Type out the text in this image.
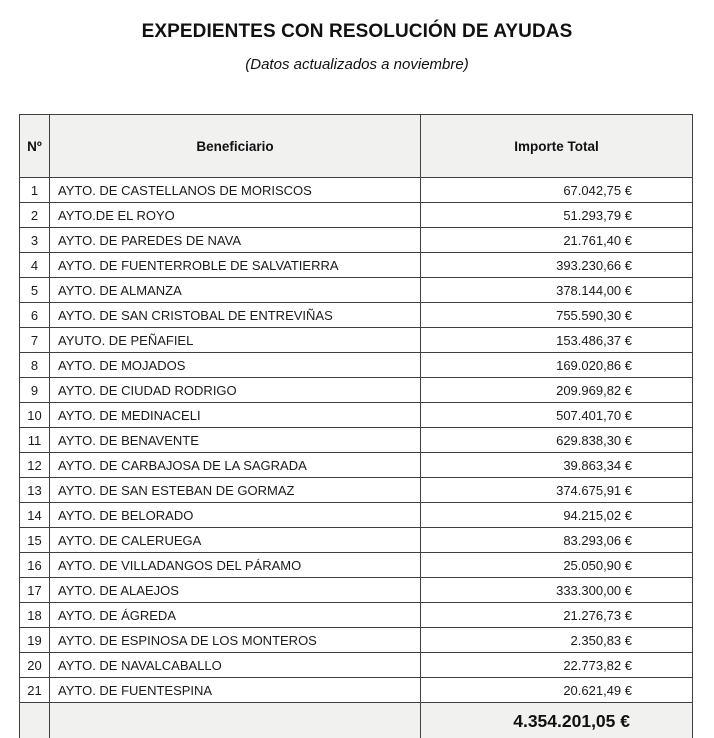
EXPEDIENTES CON RESOLUCIÓN DE AYUDAS
(Datos actualizados a noviembre)
Nº	Beneficiario	Importe Total
1	AYTO. DE CASTELLANOS DE MORISCOS	67.042,75 €
2	AYTO.DE EL ROYO	51.293,79 €
3	AYTO. DE PAREDES DE NAVA	21.761,40 €
4	AYTO. DE FUENTERROBLE DE SALVATIERRA	393.230,66 €
5	AYTO. DE ALMANZA	378.144,00 €
6	AYTO. DE SAN CRISTOBAL DE ENTREVIÑAS	755.590,30 €
7	AYUTO. DE PEÑAFIEL	153.486,37 €
8	AYTO. DE MOJADOS	169.020,86 €
9	AYTO. DE CIUDAD RODRIGO	209.969,82 €
10	AYTO. DE MEDINACELI	507.401,70 €
11	AYTO. DE BENAVENTE	629.838,30 €
12	AYTO. DE CARBAJOSA DE LA SAGRADA	39.863,34 €
13	AYTO. DE SAN ESTEBAN DE GORMAZ	374.675,91 €
14	AYTO. DE BELORADO	94.215,02 €
15	AYTO. DE CALERUEGA	83.293,06 €
16	AYTO. DE VILLADANGOS DEL PÁRAMO	25.050,90 €
17	AYTO. DE ALAEJOS	333.300,00 €
18	AYTO. DE ÁGREDA	21.276,73 €
19	AYTO. DE ESPINOSA DE LOS MONTEROS	2.350,83 €
20	AYTO. DE NAVALCABALLO	22.773,82 €
21	AYTO. DE FUENTESPINA	20.621,49 €
		4.354.201,05 €
